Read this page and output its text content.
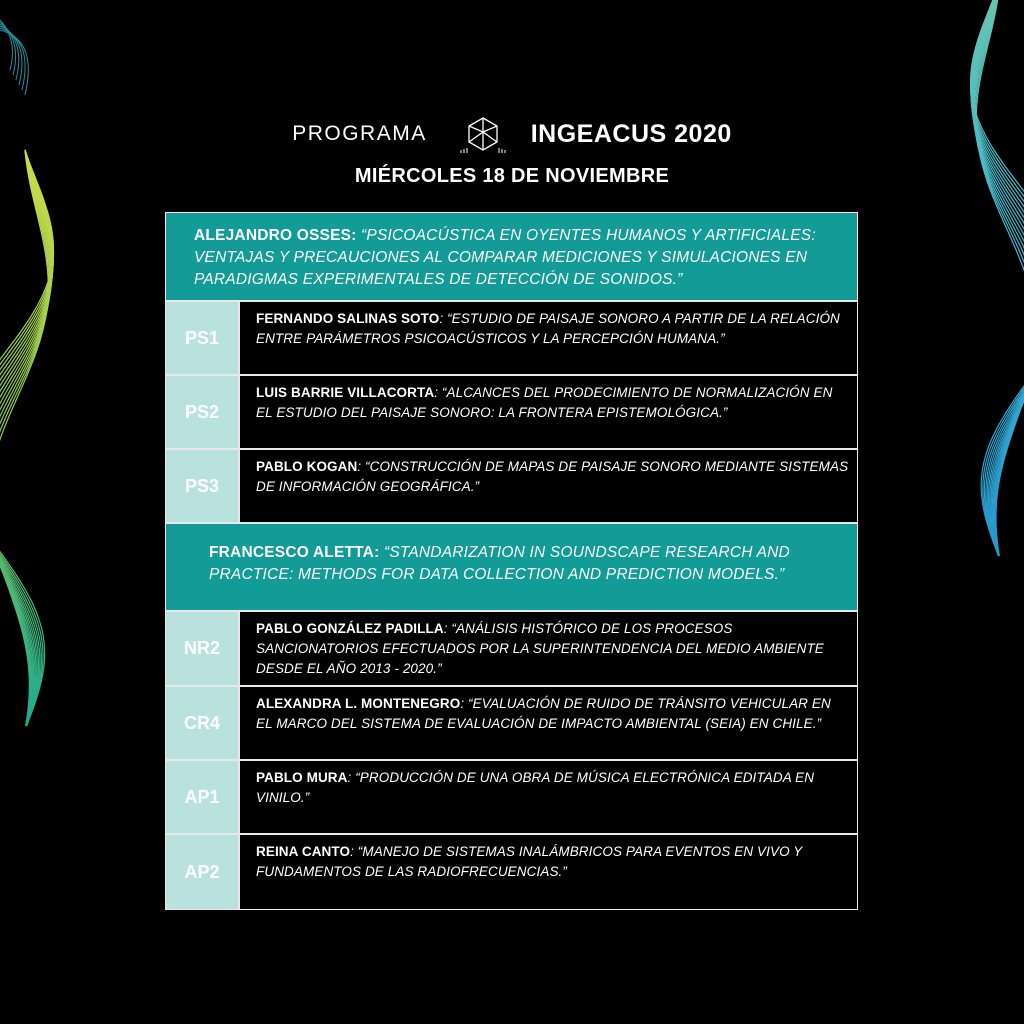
PROGRAMA	INGEACUS 2020
MIÉRCOLES 18 DE NOVIEMBRE
ALEJANDRO OSSES: “PSICOACÚSTICA EN OYENTES HUMANOS Y ARTIFICIALES: VENTAJAS Y PRECAUCIONES AL COMPARAR MEDICIONES Y SIMULACIONES EN PARADIGMAS EXPERIMENTALES DE DETECCIÓN DE SONIDOS.”
PS1
FERNANDO SALINAS SOTO: “ESTUDIO DE PAISAJE SONORO A PARTIR DE LA RELACIÓN ENTRE PARÁMETROS PSICOACÚSTICOS Y LA PERCEPCIÓN HUMANA.”
PS2
LUIS BARRIE VILLACORTA: “ALCANCES DEL PRODECIMIENTO DE NORMALIZACIÓN EN EL ESTUDIO DEL PAISAJE SONORO: LA FRONTERA EPISTEMOLÓGICA.”
PS3
PABLO KOGAN: “CONSTRUCCIÓN DE MAPAS DE PAISAJE SONORO MEDIANTE SISTEMAS DE INFORMACIÓN GEOGRÁFICA.”
FRANCESCO ALETTA: “STANDARIZATION IN SOUNDSCAPE RESEARCH AND PRACTICE: METHODS FOR DATA COLLECTION AND PREDICTION MODELS.”
NR2
PABLO GONZÁLEZ PADILLA: “ANÁLISIS HISTÓRICO DE LOS PROCESOS SANCIONATORIOS EFECTUADOS POR LA SUPERINTENDENCIA DEL MEDIO AMBIENTE DESDE EL AÑO 2013 - 2020.”
CR4
ALEXANDRA L. MONTENEGRO: “EVALUACIÓN DE RUIDO DE TRÁNSITO VEHICULAR EN EL MARCO DEL SISTEMA DE EVALUACIÓN DE IMPACTO AMBIENTAL (SEIA) EN CHILE.”
AP1
PABLO MURA: “PRODUCCIÓN DE UNA OBRA DE MÚSICA ELECTRÓNICA EDITADA EN VINILO.”
AP2
REINA CANTO: “MANEJO DE SISTEMAS INALÁMBRICOS PARA EVENTOS EN VIVO Y FUNDAMENTOS DE LAS RADIOFRECUENCIAS.”
